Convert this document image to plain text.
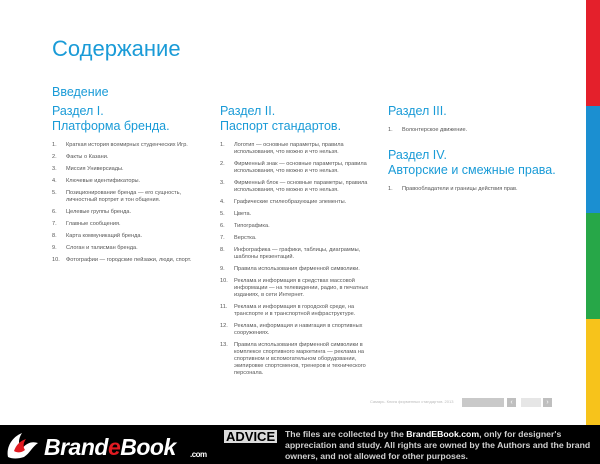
Содержание
Введение
Раздел I.
Платформа бренда.
1.	Краткая история всемирных студенческих Игр.
2.	Факты о Казани.
3.	Миссия Универсиады.
4.	Ключевые идентификаторы.
5.	Позиционирование бренда — его сущность, личностный портрет и тон общения.
6.	Целевые группы бренда.
7.	Главные сообщения.
8.	Карта коммуникаций бренда.
9.	Слоган и талисман бренда.
10.	Фотографии — городские пейзажи, люди, спорт.
Раздел II.
Паспорт стандартов.
1.	Логотип — основные параметры, правила использования, что можно и что нельзя.
2.	Фирменный знак — основные параметры, правила использования, что можно и что нельзя.
3.	Фирменный блок — основные параметры, правила использования, что можно и что нельзя.
4.	Графические стилеобразующие элементы.
5.	Цвета.
6.	Типографика.
7.	Верстка.
8.	Инфографика — графики, таблицы, диаграммы, шаблоны презентаций.
9.	Правила использования фирменной символики.
10.	Реклама и информация в средствах массовой информации — на телевидении, радио, в печатных изданиях, в сети Интернет.
11.	Реклама и информация в городской среде, на транспорте и в транспортной инфраструктуре.
12.	Реклама, информация и навигация в спортивных сооружениях.
13.	Правила использования фирменной символики в комплексе спортивного маркетинга — реклама на спортивном и вспомогательном оборудовании, экипировке спортсменов, тренеров и технического персонала.
Раздел III.
1.	Волонтерское движение.
Раздел IV.
Авторские и смежные права.
1.	Правообладатели и границы действия прав.
Самарь. Книга фирменных стандартов. 2013	‹	›
BrandeBook .com
ADVICE The files are collected by the BrandEBook.com, only for designer's appreciation and study. All rights are owned by the Authors and the brand owners, and not allowed for other purposes.
